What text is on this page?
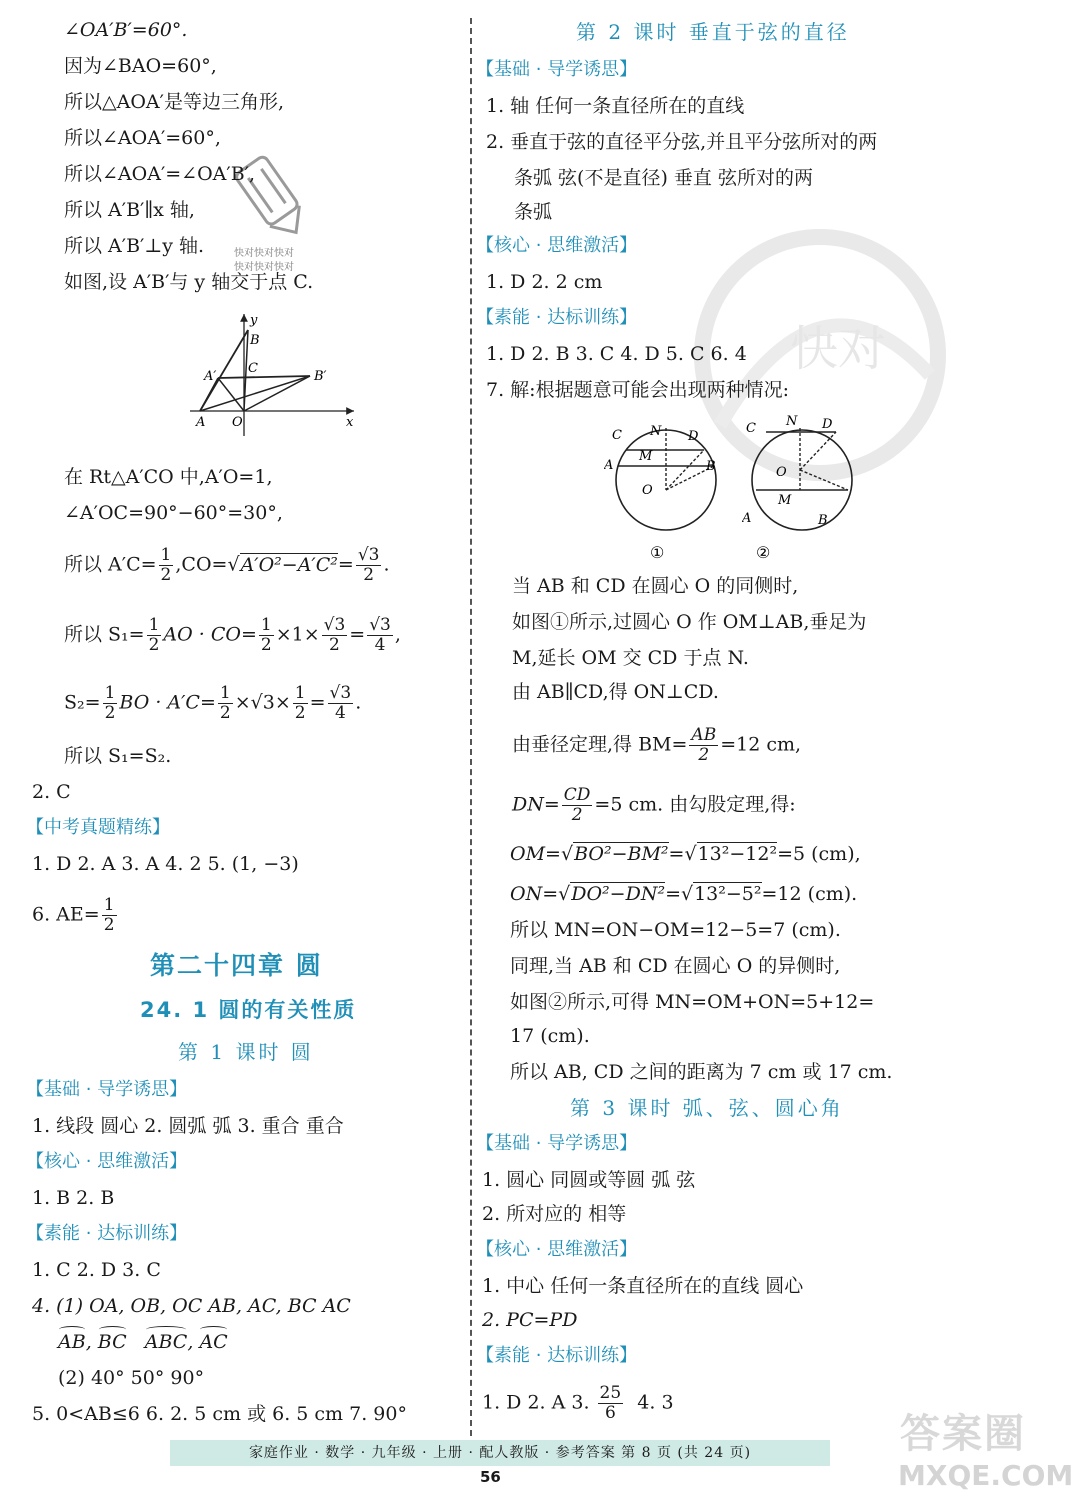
快对
快对快对快对
快对快对快对
∠OA′B′=60°.
因为∠BAO=60°,
所以△AOA′是等边三角形,
所以∠AOA′=60°,
所以∠AOA′=∠OA′B′,
所以 A′B′∥x 轴,
所以 A′B′⊥y 轴.
如图,设 A′B′与 y 轴交于点 C.
y
B
C
A′	B′
A O	x
在 Rt△A′CO 中,A′O=1,
∠A′OC=90°−60°=30°,
所以 $A'C= \frac{1}{2} ,CO=√A'O^2-A'C^2= \frac{√3}{2}$ .
所以 $S_1= \frac{1}{2}$ AO · $CO= \frac{1}{2} \times 1\times \frac{√3}{2} = \frac{√3}{4}$ ,
$S_2= \frac{1}{2}$ BO · $A'C= \frac{1}{2} \times√3\times \frac{1}{2} = \frac{√3}{4}$ .
所以 S₁=S₂.
2. C
【中考真题精练】
1. D 2. A 3. A 4. 2 5. (1, −3)
6. $AE= \frac{1}{2}$
第二十四章 圆
24. 1 圆的有关性质
第 1 课时 圆
【基础 · 导学诱思】
1. 线段 圆心 2. 圆弧 弧 3. 重合 重合
【核心 · 思维激活】
1. B 2. B
【素能 · 达标训练】
1. C 2. D 3. C
4. (1) OA, OB, OC AB, AC, BC AC
AB, BC ABC, AC
(2) 40° 50° 90°
5. 0<AB≤6 6. 2. 5 cm 或 6. 5 cm 7. 90°
第 2 课时 垂直于弦的直径
【基础 · 导学诱思】
1. 轴 任何一条直径所在的直线
2. 垂直于弦的直径平分弦,并且平分弦所对的两
条弧 弦(不是直径) 垂直 弦所对的两
条弧
【核心 · 思维激活】
1. D 2. 2 cm
【素能 · 达标训练】
1. D 2. B 3. C 4. D 5. C 6. 4
7. 解:根据题意可能会出现两种情况:
C N D
A
M
B
O
①
C N D
O
M
A	B
②
当 AB 和 CD 在圆心 O 的同侧时,
如图①所示,过圆心 O 作 OM⊥AB,垂足为
M,延长 OM 交 CD 于点 N.
由 AB∥CD,得 ON⊥CD.
由垂径定理,得 $BM= \frac{AB}{2} =12$ cm,
$DN= \frac{CD}{2} =5$ cm. 由勾股定理,得:
OM=√BO²−BM²=√13²−12²=5 (cm),
ON=√DO²−DN²=√13²−5²=12 (cm).
所以 MN=ON−OM=12−5=7 (cm).
同理,当 AB 和 CD 在圆心 O 的异侧时,
如图②所示,可得 MN=OM+ON=5+12=
17 (cm).
所以 AB, CD 之间的距离为 7 cm 或 17 cm.
第 3 课时 弧、弦、圆心角
【基础 · 导学诱思】
1. 圆心 同圆或等圆 弧 弦
2. 所对应的 相等
【核心 · 思维激活】
1. 中心 任何一条直径所在的直线 圆心
2. PC=PD
【素能 · 达标训练】
1. D 2. A 3. $\frac{25}{6} 4$. 3
家庭作业 · 数学 · 九年级 · 上册 · 配人教版 · 参考答案 第 8 页 (共 24 页)
56
答案圈
MXQE.COM
